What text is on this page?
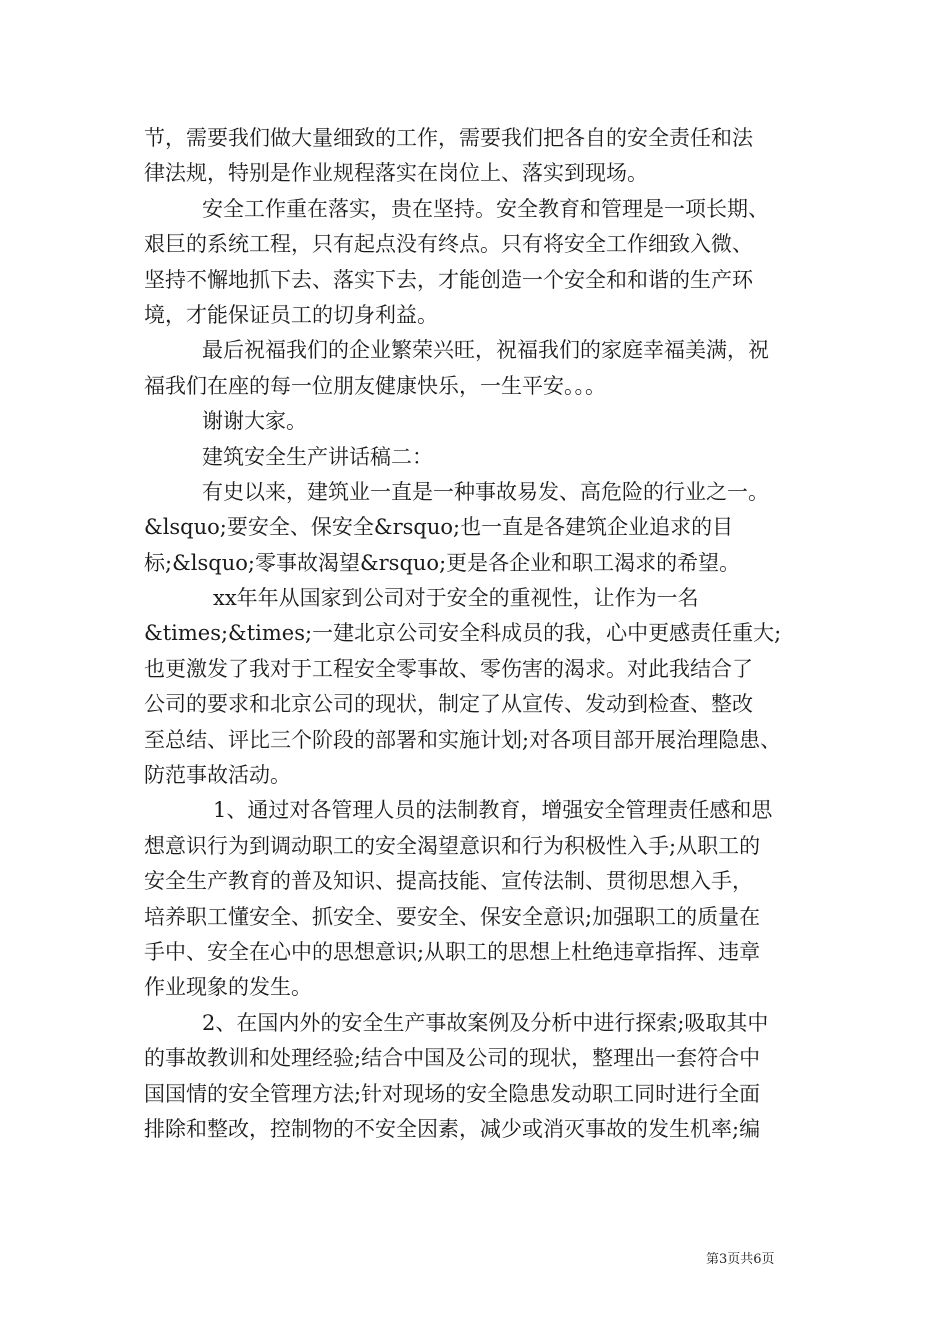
节，需要我们做大量细致的工作，需要我们把各自的安全责任和法
律法规，特别是作业规程落实在岗位上、落实到现场。
安全工作重在落实，贵在坚持。安全教育和管理是一项长期、
艰巨的系统工程，只有起点没有终点。只有将安全工作细致入微、
坚持不懈地抓下去、落实下去，才能创造一个安全和和谐的生产环
境，才能保证员工的切身利益。
最后祝福我们的企业繁荣兴旺，祝福我们的家庭幸福美满，祝
福我们在座的每一位朋友健康快乐，一生平安。。。
谢谢大家。
建筑安全生产讲话稿二：
有史以来，建筑业一直是一种事故易发、高危险的行业之一。
&lsquo;要安全、保安全&rsquo;也一直是各建筑企业追求的目
标;&lsquo;零事故渴望&rsquo;更是各企业和职工渴求的希望。
xx年年从国家到公司对于安全的重视性，让作为一名
&times;&times;一建北京公司安全科成员的我，心中更感责任重大;
也更激发了我对于工程安全零事故、零伤害的渴求。对此我结合了
公司的要求和北京公司的现状，制定了从宣传、发动到检查、整改
至总结、评比三个阶段的部署和实施计划;对各项目部开展治理隐患、
防范事故活动。
1、通过对各管理人员的法制教育，增强安全管理责任感和思
想意识行为到调动职工的安全渴望意识和行为积极性入手;从职工的
安全生产教育的普及知识、提高技能、宣传法制、贯彻思想入手，
培养职工懂安全、抓安全、要安全、保安全意识;加强职工的质量在
手中、安全在心中的思想意识;从职工的思想上杜绝违章指挥、违章
作业现象的发生。
2、在国内外的安全生产事故案例及分析中进行探索;吸取其中
的事故教训和处理经验;结合中国及公司的现状，整理出一套符合中
国国情的安全管理方法;针对现场的安全隐患发动职工同时进行全面
排除和整改，控制物的不安全因素，减少或消灭事故的发生机率;编
第3页共6页
